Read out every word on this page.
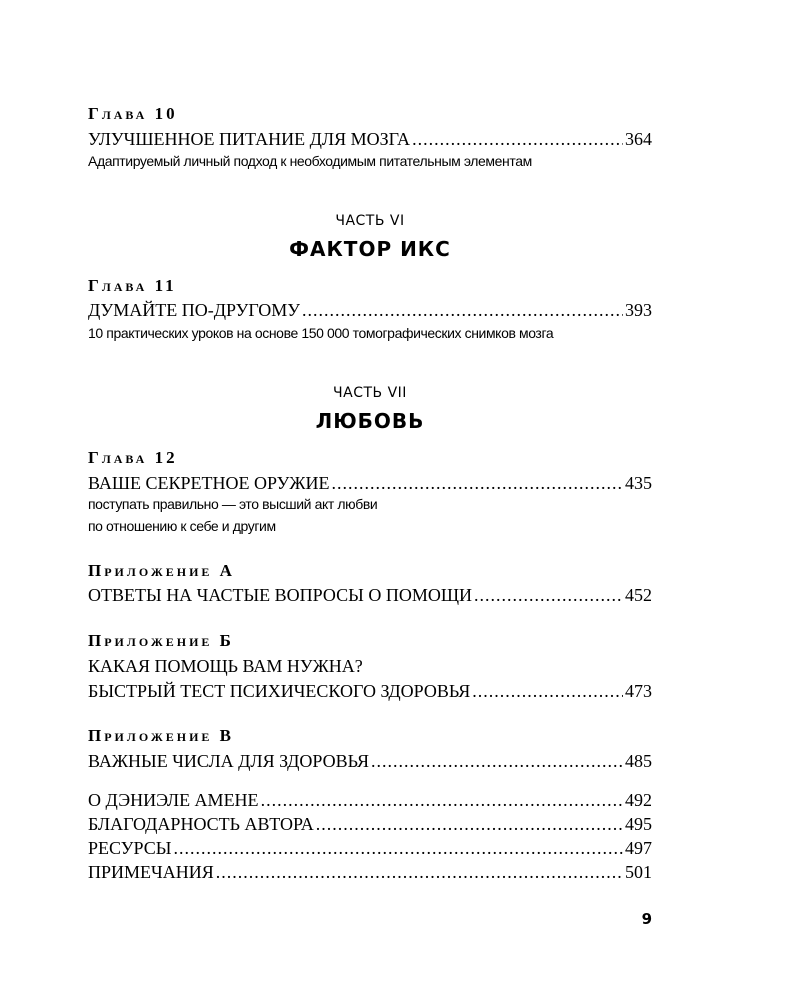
Глава 10
УЛУЧШЕННОЕ ПИТАНИЕ ДЛЯ МОЗГА .....	364
Адаптируемый личный подход к необходимым питательным элементам
ЧАСТЬ VI
ФАКТОР ИКС
Глава 11
ДУМАЙТЕ ПО-ДРУГОМУ .....	393
10 практических уроков на основе 150 000 томографических снимков мозга
ЧАСТЬ VII
ЛЮБОВЬ
Глава 12
ВАШЕ СЕКРЕТНОЕ ОРУЖИЕ .....	435
поступать правильно — это высший акт любви
по отношению к себе и другим
Приложение А
ОТВЕТЫ НА ЧАСТЫЕ ВОПРОСЫ О ПОМОЩИ .....	452
Приложение Б
КАКАЯ ПОМОЩЬ ВАМ НУЖНА?
БЫСТРЫЙ ТЕСТ ПСИХИЧЕСКОГО ЗДОРОВЬЯ .....	473
Приложение В
ВАЖНЫЕ ЧИСЛА ДЛЯ ЗДОРОВЬЯ .....	485
О ДЭНИЭЛЕ АМЕНЕ .....	492
БЛАГОДАРНОСТЬ АВТОРА .....	495
РЕСУРСЫ .....	497
ПРИМЕЧАНИЯ .....	501
9
